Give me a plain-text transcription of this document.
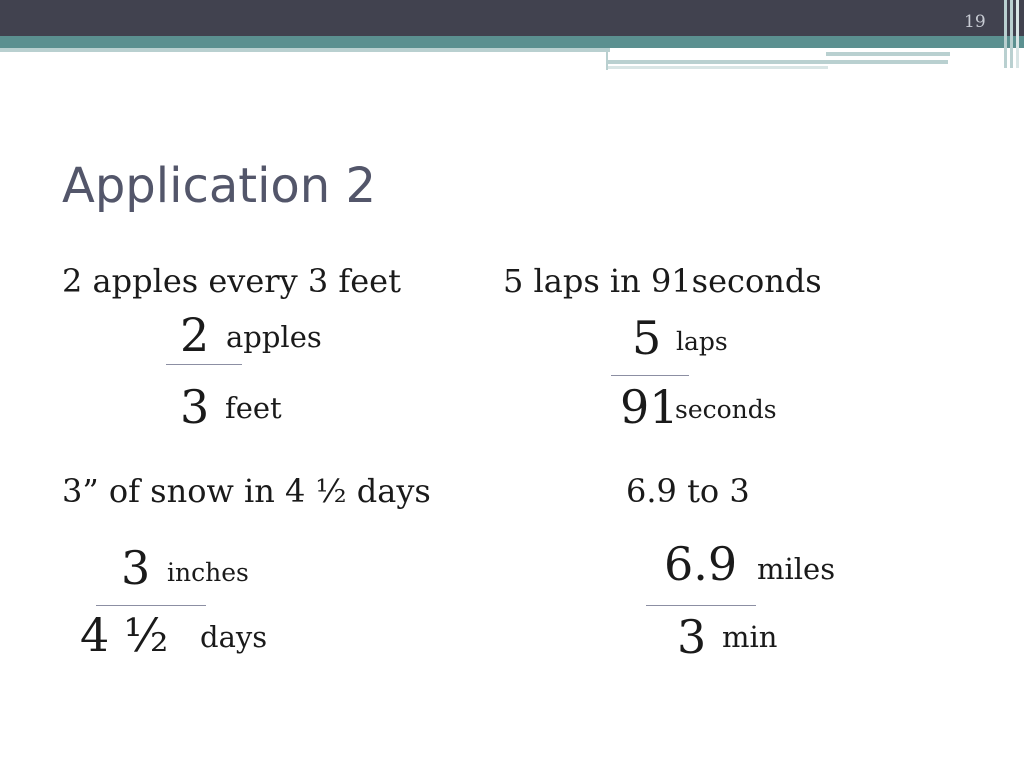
19
Application 2
2 apples every 3 feet
2 apples
3 feet
5 laps in 91seconds
5 laps
91
seconds
3” of snow in 4 ½ days
3 inches
4 ½ days
6.9 to 3
6.9 miles
3 min
